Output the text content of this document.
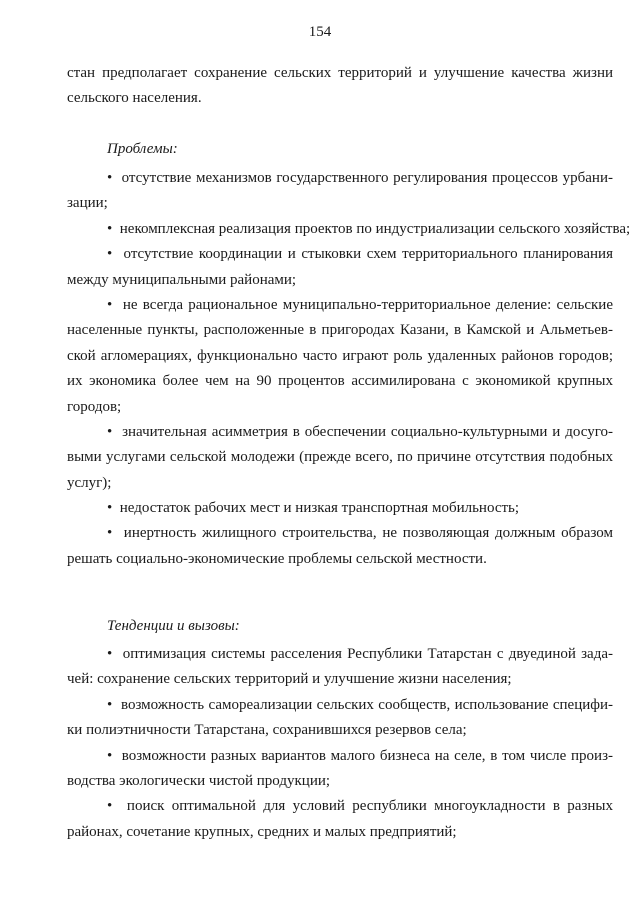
154
стан предполагает сохранение сельских территорий и улучшение качества жизни
сельского населения.
Проблемы:
•  отсутствие механизмов государственного регулирования процессов урбани-
зации;
•  некомплексная реализация проектов по индустриализации сельского хозяйства;
•  отсутствие координации и стыковки схем территориального планирования
между муниципальными районами;
•  не всегда рациональное муниципально-территориальное деление: сельские
населенные пункты, расположенные в пригородах Казани, в Камской и Альметьев-
ской агломерациях, функционально часто играют роль удаленных районов городов;
их экономика более чем на 90 процентов ассимилирована с экономикой крупных
городов;
•  значительная асимметрия в обеспечении социально-культурными и досуго-
выми услугами сельской молодежи (прежде всего, по причине отсутствия подобных
услуг);
•  недостаток рабочих мест и низкая транспортная мобильность;
•  инертность жилищного строительства, не позволяющая должным образом
решать социально-экономические проблемы сельской местности.
Тенденции и вызовы:
•  оптимизация системы расселения Республики Татарстан с двуединой зада-
чей: сохранение сельских территорий и улучшение жизни населения;
•  возможность самореализации сельских сообществ, использование специфи-
ки полиэтничности Татарстана, сохранившихся резервов села;
•  возможности разных вариантов малого бизнеса на селе, в том числе произ-
водства экологически чистой продукции;
•  поиск оптимальной для условий республики многоукладности в разных
районах, сочетание крупных, средних и малых предприятий;
